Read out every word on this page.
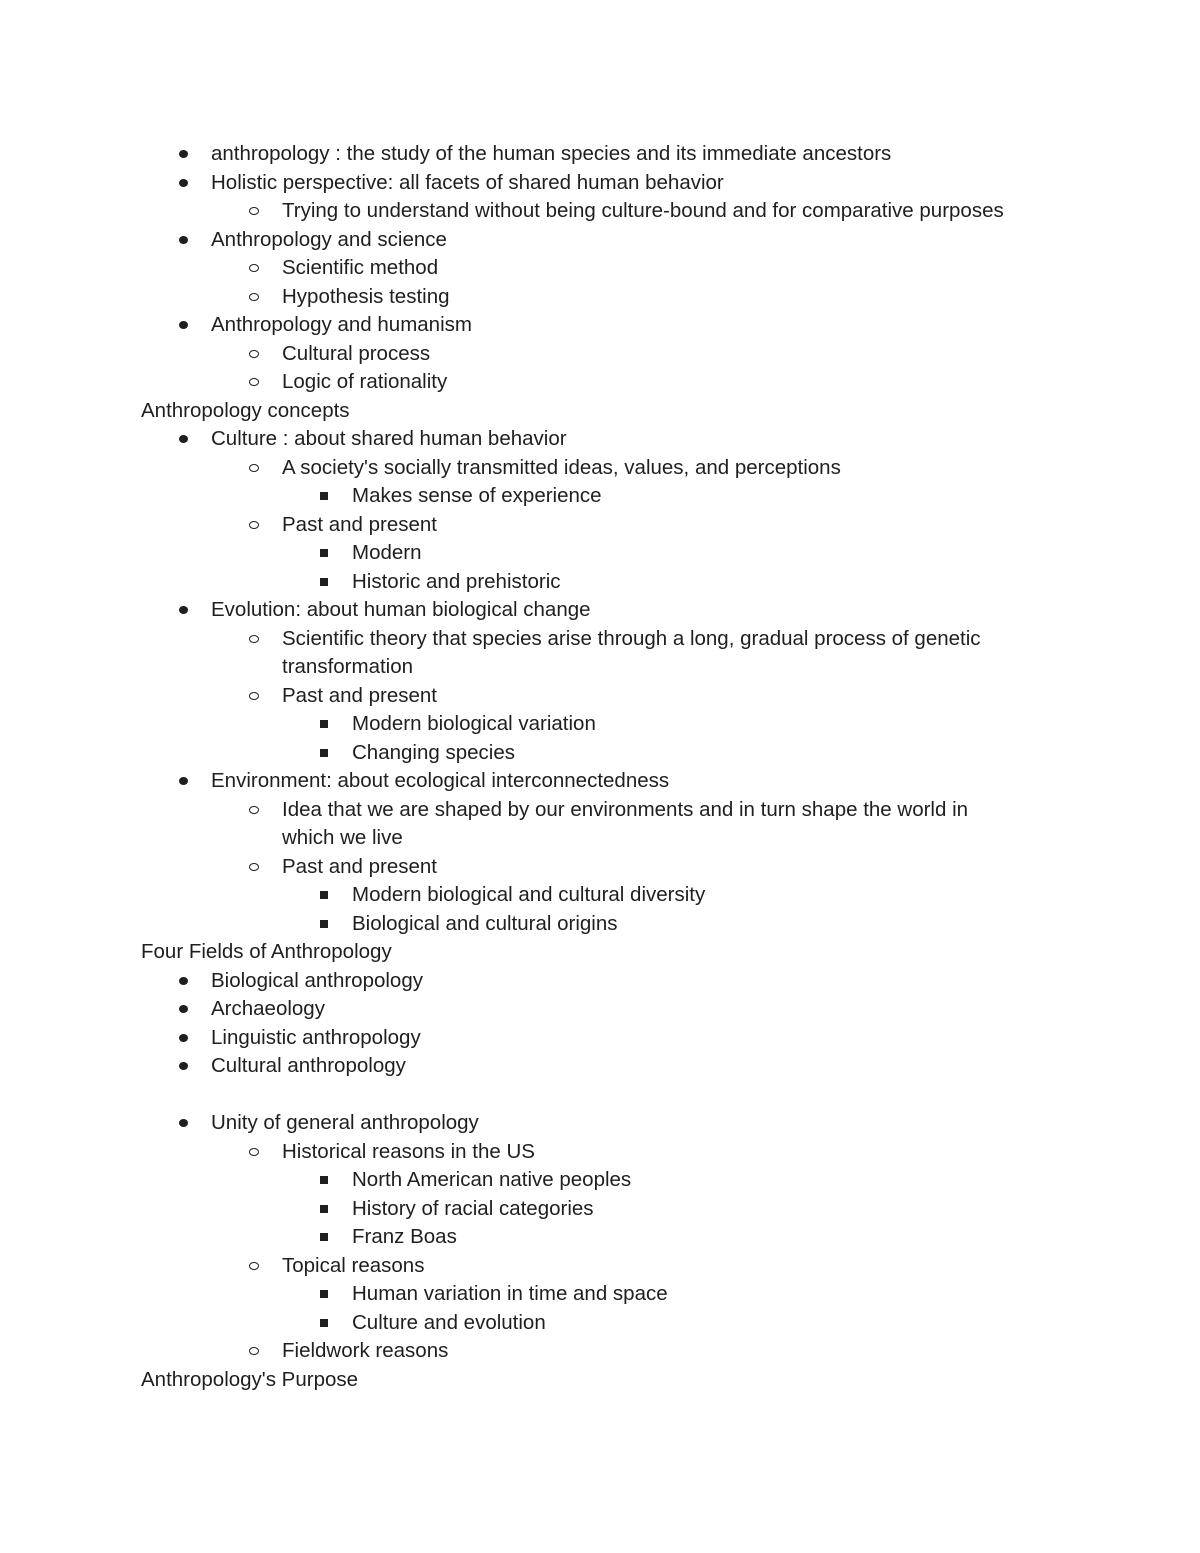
anthropology : the study of the human species and its immediate ancestors
Holistic perspective: all facets of shared human behavior
Trying to understand without being culture-bound and for comparative purposes
Anthropology and science
Scientific method
Hypothesis testing
Anthropology and humanism
Cultural process
Logic of rationality
Anthropology concepts
Culture : about shared human behavior
A society's socially transmitted ideas, values, and perceptions
Makes sense of experience
Past and present
Modern
Historic and prehistoric
Evolution: about human biological change
Scientific theory that species arise through a long, gradual process of genetic
transformation
Past and present
Modern biological variation
Changing species
Environment: about ecological interconnectedness
Idea that we are shaped by our environments and in turn shape the world in
which we live
Past and present
Modern biological and cultural diversity
Biological and cultural origins
Four Fields of Anthropology
Biological anthropology
Archaeology
Linguistic anthropology
Cultural anthropology
Unity of general anthropology
Historical reasons in the US
North American native peoples
History of racial categories
Franz Boas
Topical reasons
Human variation in time and space
Culture and evolution
Fieldwork reasons
Anthropology's Purpose
